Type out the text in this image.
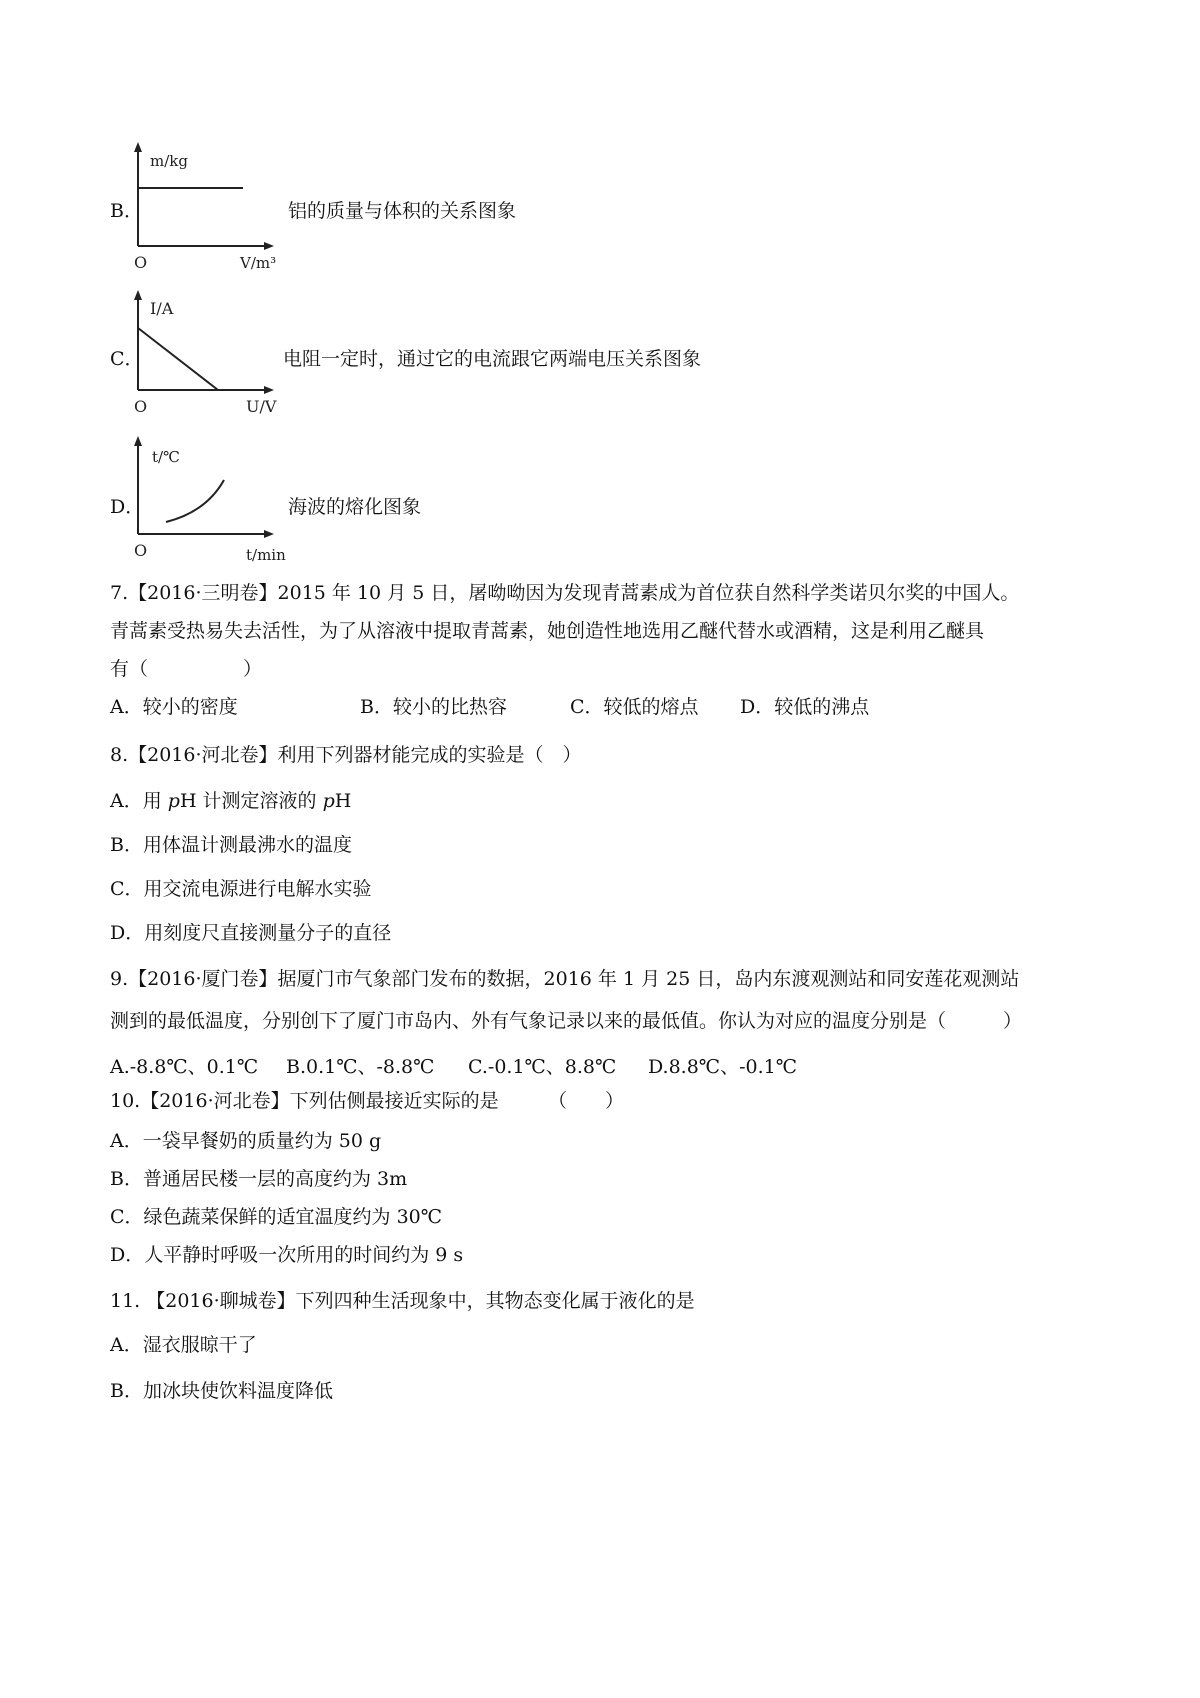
B．
m/kg
O	V/m³
铝的质量与体积的关系图象
C．
I/A
O	U/V
电阻一定时，通过它的电流跟它两端电压关系图象
D．
t/℃
O	t/min
海波的熔化图象
7.【2016·三明卷】2015 年 10 月 5 日，屠呦呦因为发现青蒿素成为首位获自然科学类诺贝尔奖的中国人。
青蒿素受热易失去活性，为了从溶液中提取青蒿素，她创造性地选用乙醚代替水或酒精，这是利用乙醚具
有（　　　　　）
A．较小的密度	B．较小的比热容	C．较低的熔点 D．较低的沸点
8.【2016·河北卷】利用下列器材能完成的实验是（　）
A．用 pH 计测定溶液的 pH
B．用体温计测最沸水的温度
C．用交流电源进行电解水实验
D．用刻度尺直接测量分子的直径
9.【2016·厦门卷】据厦门市气象部门发布的数据，2016 年 1 月 25 日，岛内东渡观测站和同安莲花观测站
测到的最低温度，分别创下了厦门市岛内、外有气象记录以来的最低值。你认为对应的温度分别是（　　　）
A.-8.8℃、0.1℃ B.0.1℃、-8.8℃ C.-0.1℃、8.8℃ D.8.8℃、-0.1℃
10.【2016·河北卷】下列估侧最接近实际的是	（　　）
A．一袋早餐奶的质量约为 50 g
B．普通居民楼一层的高度约为 3m
C．绿色蔬菜保鲜的适宜温度约为 30℃
D．人平静时呼吸一次所用的时间约为 9 s
11. 【2016·聊城卷】下列四种生活现象中，其物态变化属于液化的是
A．湿衣服晾干了
B．加冰块使饮料温度降低
